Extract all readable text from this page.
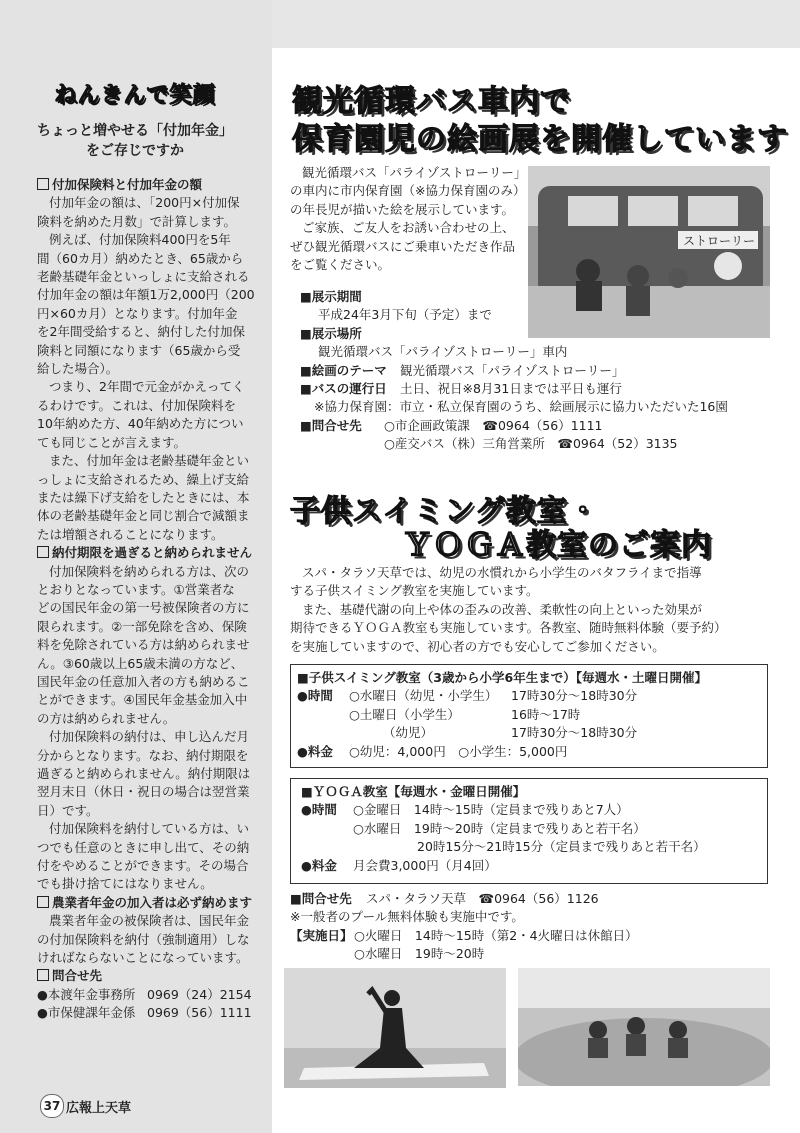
ねんきんで笑顔
ちょっと増やせる「付加年金」
をご存じですか
付加保険料と付加年金の額
付加年金の額は、「200円×付加保
険料を納めた月数」で計算します。
例えば、付加保険料400円を5年
間（60カ月）納めたとき、65歳から
老齢基礎年金といっしょに支給される
付加年金の額は年額1万2,000円（200
円×60カ月）となります。付加年金
を2年間受給すると、納付した付加保
険料と同額になります（65歳から受
給した場合）。
つまり、2年間で元金がかえってく
るわけです。これは、付加保険料を
10年納めた方、40年納めた方につい
ても同じことが言えます。
また、付加年金は老齢基礎年金とい
っしょに支給されるため、繰上げ支給
または繰下げ支給をしたときには、本
体の老齢基礎年金と同じ割合で減額ま
たは増額されることになります。
納付期限を過ぎると納められません
付加保険料を納められる方は、次の
とおりとなっています。①営業者な
どの国民年金の第一号被保険者の方に
限られます。②一部免除を含め、保険
料を免除されている方は納められませ
ん。③60歳以上65歳未満の方など、
国民年金の任意加入者の方も納めるこ
とができます。④国民年金基金加入中
の方は納められません。
付加保険料の納付は、申し込んだ月
分からとなります。なお、納付期限を
過ぎると納められません。納付期限は
翌月末日（休日・祝日の場合は翌営業
日）です。
付加保険料を納付している方は、い
つでも任意のときに申し出て、その納
付をやめることができます。その場合
でも掛け捨てにはなりません。
農業者年金の加入者は必ず納めます
農業者年金の被保険者は、国民年金
の付加保険料を納付（強制適用）しな
ければならないことになっています。
問合せ先
●本渡年金事務所 0969（24）2154
●市保健課年金係 0969（56）1111
37 広報上天草
観光循環バス車内で
保育園児の絵画展を開催しています
観光循環バス「パライゾストローリー」
の車内に市内保育園（※協力保育園のみ）
の年長児が描いた絵を展示しています。
ご家族、ご友人をお誘い合わせの上、
ぜひ観光循環バスにご乗車いただき作品
をご覧ください。
ストローリー
■展示期間
平成24年3月下旬（予定）まで
■展示場所
観光循環バス「パライゾストローリー」車内
■絵画のテーマ 観光循環バス「パライゾストローリー」
■バスの運行日 土日、祝日※8月31日までは平日も運行
※協力保育園：市立・私立保育園のうち、絵画展示に協力いただいた16園
■問合せ先 ○市企画政策課　☎0964（56）1111
○産交バス（株）三角営業所　☎0964（52）3135
子供スイミング教室・
ＹＯＧＡ教室のご案内
スパ・タラソ天草では、幼児の水慣れから小学生のバタフライまで指導
する子供スイミング教室を実施しています。
また、基礎代謝の向上や体の歪みの改善、柔軟性の向上といった効果が
期待できるＹＯＧＡ教室も実施しています。各教室、随時無料体験（要予約）
を実施していますので、初心者の方でも安心してご参加ください。
■子供スイミング教室（3歳から小学6年生まで）【毎週水・土曜日開催】
●時間 ○水曜日（幼児・小学生） 17時30分～18時30分
○土曜日（小学生）	16時～17時
（幼児）	17時30分～18時30分
●料金 ○幼児：4,000円　○小学生：5,000円
■ＹＯＧＡ教室【毎週水・金曜日開催】
●時間 ○金曜日　14時～15時（定員まで残りあと7人）
○水曜日　19時～20時（定員まで残りあと若干名）
20時15分～21時15分（定員まで残りあと若干名）
●料金 月会費3,000円（月4回）
■問合せ先 スパ・タラソ天草　☎0964（56）1126
※一般者のプール無料体験も実施中です。
【実施日】○火曜日　14時～15時（第2・4火曜日は休館日）
○水曜日　19時～20時
